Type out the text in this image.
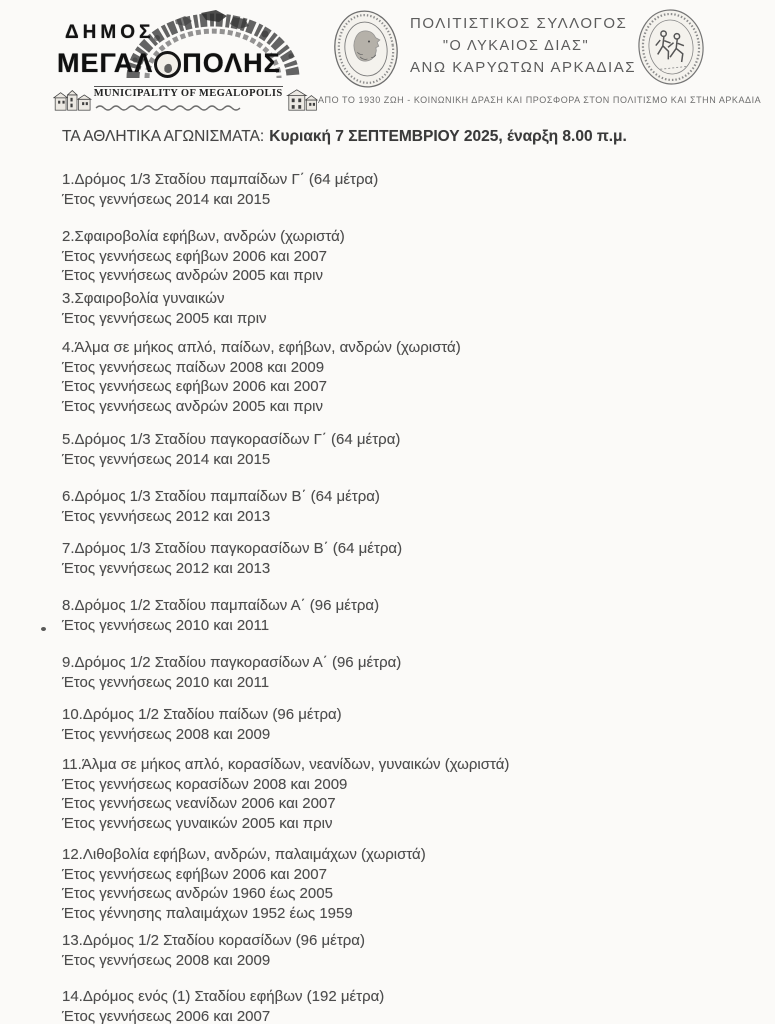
ΔΗΜΟΣ
ΜΕΓΑΛ ΠΟΛΗΣ
MUNICIPALITY OF MEGALOPOLIS
ΠΟΛΙΤΙΣΤΙΚΟΣ ΣΥΛΛΟΓΟΣ
"Ο ΛΥΚΑΙΟΣ ΔΙΑΣ"
ΑΝΩ ΚΑΡΥΩΤΩΝ ΑΡΚΑΔΙΑΣ
ΑΠΟ ΤΟ 1930 ΖΩΗ - ΚΟΙΝΩΝΙΚΗ ΔΡΑΣΗ ΚΑΙ ΠΡΟΣΦΟΡΑ ΣΤΟΝ ΠΟΛΙΤΙΣΜΟ ΚΑΙ ΣΤΗΝ ΑΡΚΑΔΙΑ
ΤΑ ΑΘΛΗΤΙΚΑ ΑΓΩΝΙΣΜΑΤΑ: Κυριακή 7 ΣΕΠΤΕΜΒΡΙΟΥ 2025, έναρξη 8.00 π.μ.
1.Δρόμος 1/3 Σταδίου παμπαίδων Γ΄ (64 μέτρα)
Έτος γεννήσεως 2014 και 2015
2.Σφαιροβολία εφήβων, ανδρών (χωριστά)
Έτος γεννήσεως εφήβων 2006 και 2007
Έτος γεννήσεως ανδρών 2005 και πριν
3.Σφαιροβολία γυναικών
Έτος γεννήσεως 2005 και πριν
4.Άλμα σε μήκος απλό, παίδων, εφήβων, ανδρών (χωριστά)
Έτος γεννήσεως παίδων 2008 και 2009
Έτος γεννήσεως εφήβων 2006 και 2007
Έτος γεννήσεως ανδρών 2005 και πριν
5.Δρόμος 1/3 Σταδίου παγκορασίδων Γ΄ (64 μέτρα)
Έτος γεννήσεως 2014 και 2015
6.Δρόμος 1/3 Σταδίου παμπαίδων Β΄ (64 μέτρα)
Έτος γεννήσεως 2012 και 2013
7.Δρόμος 1/3 Σταδίου παγκορασίδων Β΄ (64 μέτρα)
Έτος γεννήσεως 2012 και 2013
8.Δρόμος 1/2 Σταδίου παμπαίδων Α΄ (96 μέτρα)
Έτος γεννήσεως 2010 και 2011
9.Δρόμος 1/2 Σταδίου παγκορασίδων Α΄ (96 μέτρα)
Έτος γεννήσεως 2010 και 2011
10.Δρόμος 1/2 Σταδίου παίδων (96 μέτρα)
Έτος γεννήσεως 2008 και 2009
11.Άλμα σε μήκος απλό, κορασίδων, νεανίδων, γυναικών (χωριστά)
Έτος γεννήσεως κορασίδων 2008 και 2009
Έτος γεννήσεως νεανίδων 2006 και 2007
Έτος γεννήσεως γυναικών 2005 και πριν
12.Λιθοβολία εφήβων, ανδρών, παλαιμάχων (χωριστά)
Έτος γεννήσεως εφήβων 2006 και 2007
Έτος γεννήσεως ανδρών 1960 έως 2005
Έτος γέννησης παλαιμάχων 1952 έως 1959
13.Δρόμος 1/2 Σταδίου κορασίδων (96 μέτρα)
Έτος γεννήσεως 2008 και 2009
14.Δρόμος ενός (1) Σταδίου εφήβων (192 μέτρα)
Έτος γεννήσεως 2006 και 2007
